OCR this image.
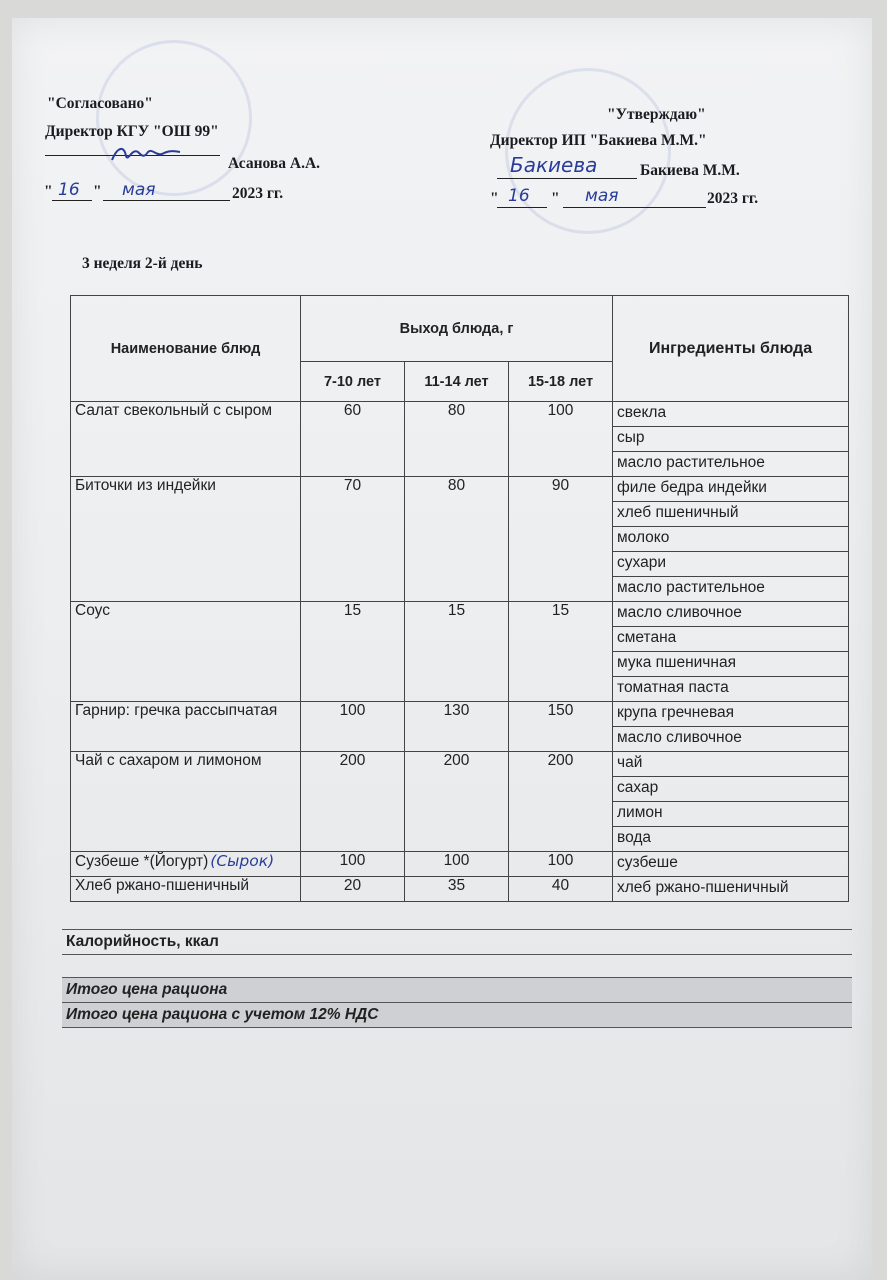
"Согласовано"
Директор КГУ "ОШ 99"
Асанова А.А.
" 16 " мая	2023 гг.
"Утверждаю"
Директор ИП "Бакиева М.М."
Бакиева	Бакиева М.М.
" 16 " мая	2023 гг.
3 неделя 2-й день
Наименование блюд	Выход блюда, г			Ингредиенты блюда
	7-10 лет	11-14 лет	15-18 лет	
Салат свекольный с сыром	60	80	100	свекла
				сыр
				масло растительное
Биточки из индейки	70	80	90	филе бедра индейки
				хлеб пшеничный
				молоко
				сухари
				масло растительное
Соус	15	15	15	масло сливочное
				сметана
				мука пшеничная
				томатная паста
Гарнир: гречка рассыпчатая	100	130	150	крупа гречневая
				масло сливочное
Чай с сахаром и лимоном	200	200	200	чай
				сахар
				лимон
				вода
Сузбеше *(Йогурт) (Сырок)	100	100	100	сузбеше
Хлеб ржано-пшеничный	20	35	40	хлеб ржано-пшеничный
Калорийность, ккал
Итого цена рациона
Итого цена рациона с учетом 12% НДС
